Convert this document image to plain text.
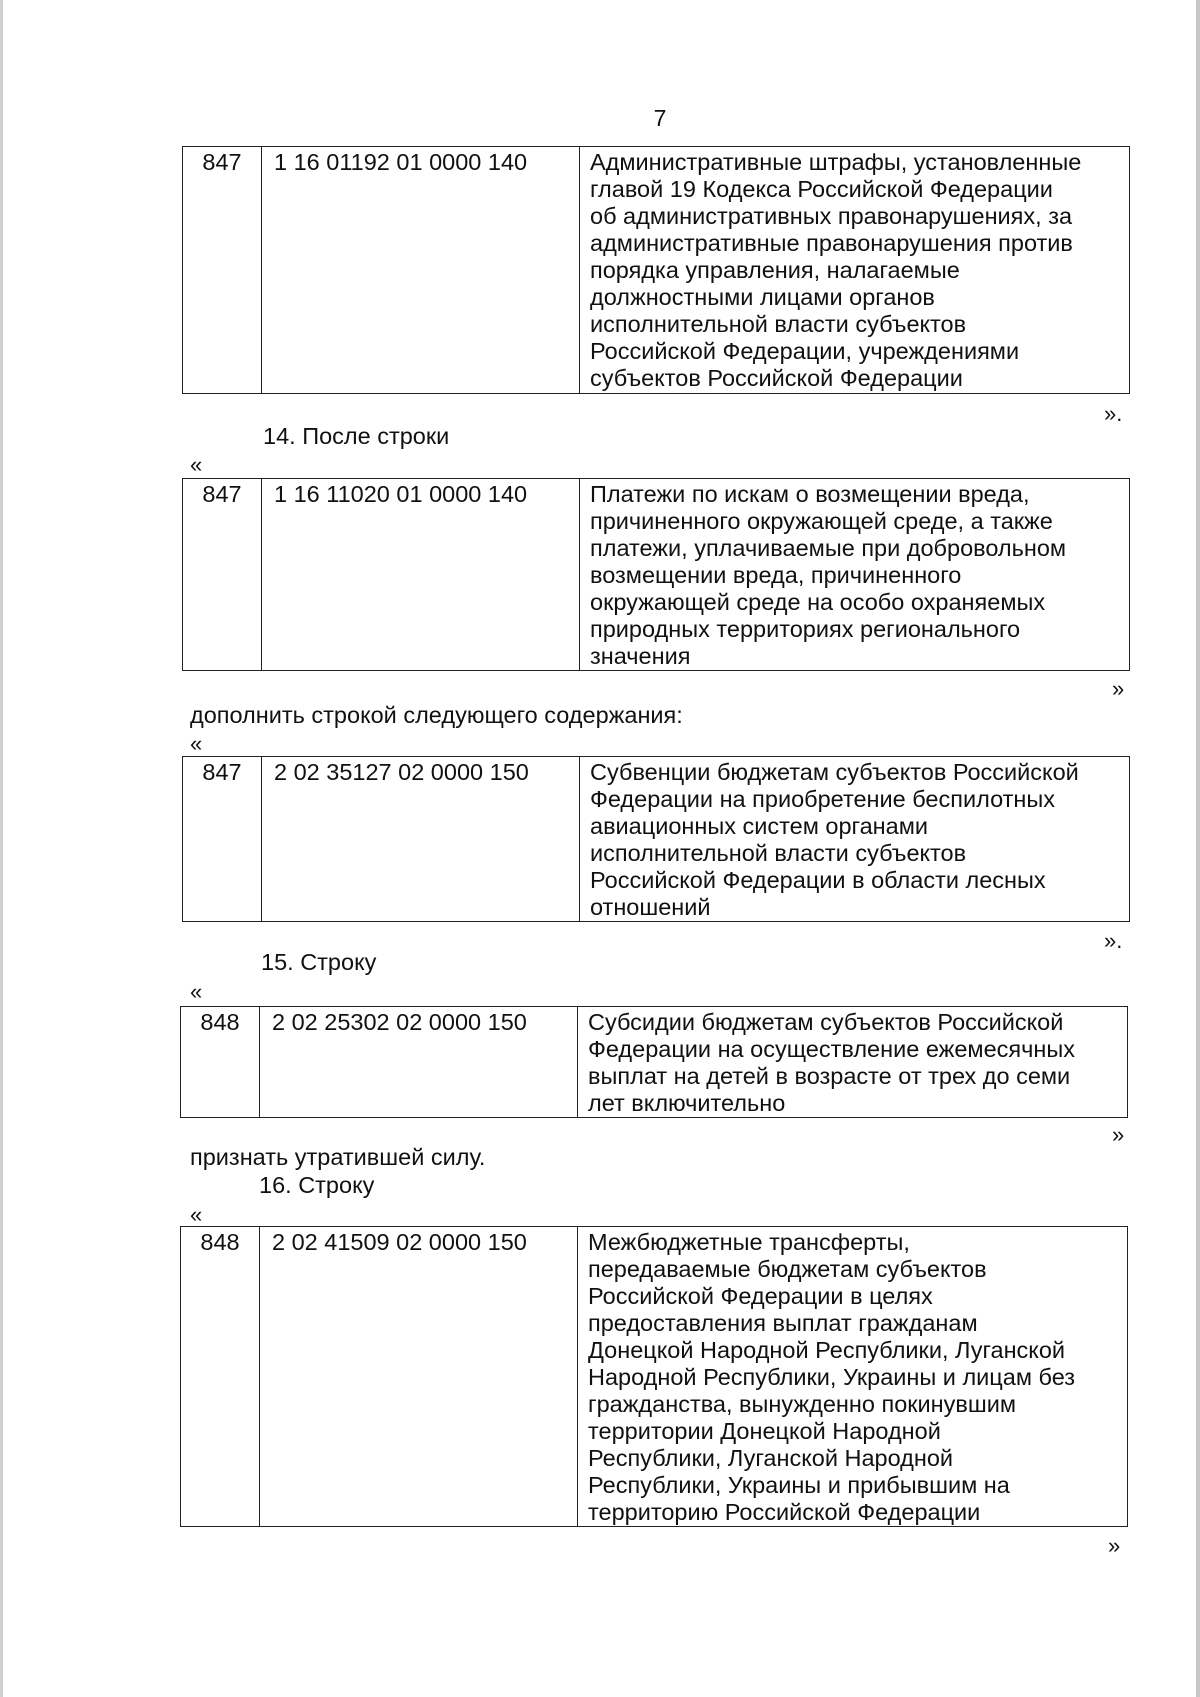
7
847	1 16 01192 01 0000 140	Административные штрафы, установленные
главой 19 Кодекса Российской Федерации
об административных правонарушениях, за
административные правонарушения против
порядка управления, налагаемые
должностными лицами органов
исполнительной власти субъектов
Российской Федерации, учреждениями
субъектов Российской Федерации
».
14. После строки
«
847	1 16 11020 01 0000 140	Платежи по искам о возмещении вреда,
причиненного окружающей среде, а также
платежи, уплачиваемые при добровольном
возмещении вреда, причиненного
окружающей среде на особо охраняемых
природных территориях регионального
значения
»
дополнить строкой следующего содержания:
«
847	2 02 35127 02 0000 150	Субвенции бюджетам субъектов Российской
Федерации на приобретение беспилотных
авиационных систем органами
исполнительной власти субъектов
Российской Федерации в области лесных
отношений
».
15. Строку
«
848	2 02 25302 02 0000 150	Субсидии бюджетам субъектов Российской
Федерации на осуществление ежемесячных
выплат на детей в возрасте от трех до семи
лет включительно
»
признать утратившей силу.
16. Строку
«
848	2 02 41509 02 0000 150	Межбюджетные трансферты,
передаваемые бюджетам субъектов
Российской Федерации в целях
предоставления выплат гражданам
Донецкой Народной Республики, Луганской
Народной Республики, Украины и лицам без
гражданства, вынужденно покинувшим
территории Донецкой Народной
Республики, Луганской Народной
Республики, Украины и прибывшим на
территорию Российской Федерации
»
